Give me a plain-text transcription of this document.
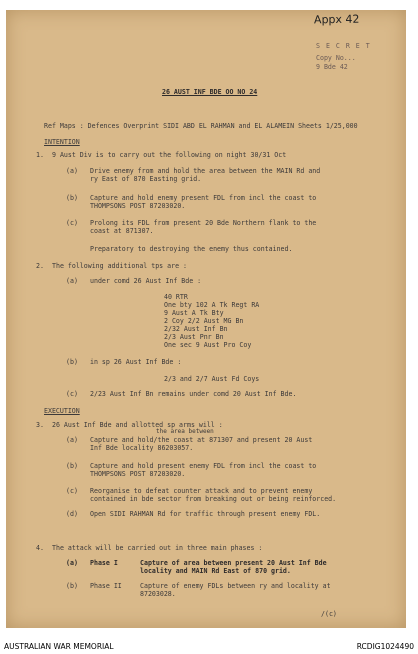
Appx 42
S E C R E T
Copy No...
9 Bde 42
26 AUST INF BDE OO NO 24

Ref Maps : Defences Overprint SIDI ABD EL RAHMAN and EL ALAMEIN Sheets 1/25,000

INTENTION
1. 9 Aust Div is to carry out the following on night 30/31 Oct
(a) Drive enemy from and hold the area between the MAIN Rd and
ry East of 870 Easting grid.
(b) Capture and hold enemy present FDL from incl the coast to
THOMPSONS POST 87203020.
(c) Prolong its FDL from present 20 Bde Northern flank to the
coast at 871307.
Preparatory to destroying the enemy thus contained.
2. The following additional tps are :
(a) under comd 26 Aust Inf Bde :
40 RTR
One bty 102 A Tk Regt RA
9 Aust A Tk Bty
2 Coy 2/2 Aust MG Bn
2/32 Aust Inf Bn
2/3 Aust Pnr Bn
One sec 9 Aust Pro Coy
(b) in sp 26 Aust Inf Bde :
2/3 and 2/7 Aust Fd Coys
(c) 2/23 Aust Inf Bn remains under comd 20 Aust Inf Bde.
EXECUTION
3. 26 Aust Inf Bde and allotted sp arms will :
the area between
(a) Capture and hold/the coast at 871307 and present 20 Aust
Inf Bde locality 86203057.
(b) Capture and hold present enemy FDL from incl the coast to
THOMPSONS POST 87203020.
(c) Reorganise to defeat counter attack and to prevent enemy
contained in bde sector from breaking out or being reinforced.
(d) Open SIDI RAHMAN Rd for traffic through present enemy FDL.
4. The attack will be carried out in three main phases :
(a) Phase I	Capture of area between present 20 Aust Inf Bde
locality and MAIN Rd East of 870 grid.
(b) Phase II	Capture of enemy FDLs between ry and locality at
87203028.
/(c)
AUSTRALIAN WAR MEMORIAL	RCDIG1024490
